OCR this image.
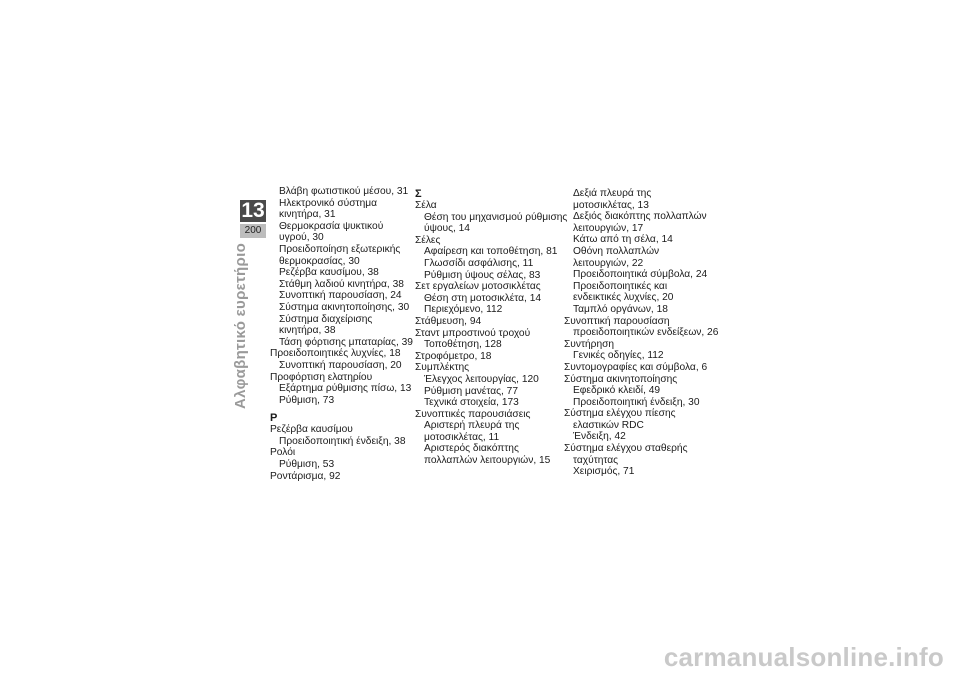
13
200
Αλφαβητικό ευρετήριο
Βλάβη φωτιστικού μέσου, 31
Ηλεκτρονικό σύστημα
κινητήρα, 31
Θερμοκρασία ψυκτικού
υγρού, 30
Προειδοποίηση εξωτερικής
θερμοκρασίας, 30
Ρεζέρβα καυσίμου, 38
Στάθμη λαδιού κινητήρα, 38
Συνοπτική παρουσίαση, 24
Σύστημα ακινητοποίησης, 30
Σύστημα διαχείρισης
κινητήρα, 38
Τάση φόρτισης μπαταρίας, 39
Προειδοποιητικές λυχνίες, 18
Συνοπτική παρουσίαση, 20
Προφόρτιση ελατηρίου
Εξάρτημα ρύθμισης πίσω, 13
Ρύθμιση, 73
Ρ
Ρεζέρβα καυσίμου
Προειδοποιητική ένδειξη, 38
Ρολόι
Ρύθμιση, 53
Ροντάρισμα, 92
Σ
Σέλα
Θέση του μηχανισμού ρύθμισης
ύψους, 14
Σέλες
Αφαίρεση και τοποθέτηση, 81
Γλωσσίδι ασφάλισης, 11
Ρύθμιση ύψους σέλας, 83
Σετ εργαλείων μοτοσικλέτας
Θέση στη μοτοσικλέτα, 14
Περιεχόμενο, 112
Στάθμευση, 94
Σταντ μπροστινού τροχού
Τοποθέτηση, 128
Στροφόμετρο, 18
Συμπλέκτης
Έλεγχος λειτουργίας, 120
Ρύθμιση μανέτας, 77
Τεχνικά στοιχεία, 173
Συνοπτικές παρουσιάσεις
Αριστερή πλευρά της
μοτοσικλέτας, 11
Αριστερός διακόπτης
πολλαπλών λειτουργιών, 15
Δεξιά πλευρά της
μοτοσικλέτας, 13
Δεξιός διακόπτης πολλαπλών
λειτουργιών, 17
Κάτω από τη σέλα, 14
Οθόνη πολλαπλών
λειτουργιών, 22
Προειδοποιητικά σύμβολα, 24
Προειδοποιητικές και
ενδεικτικές λυχνίες, 20
Ταμπλό οργάνων, 18
Συνοπτική παρουσίαση
προειδοποιητικών ενδείξεων, 26
Συντήρηση
Γενικές οδηγίες, 112
Συντομογραφίες και σύμβολα, 6
Σύστημα ακινητοποίησης
Εφεδρικό κλειδί, 49
Προειδοποιητική ένδειξη, 30
Σύστημα ελέγχου πίεσης
ελαστικών RDC
Ένδειξη, 42
Σύστημα ελέγχου σταθερής
ταχύτητας
Χειρισμός, 71
carmanualsonline.info
